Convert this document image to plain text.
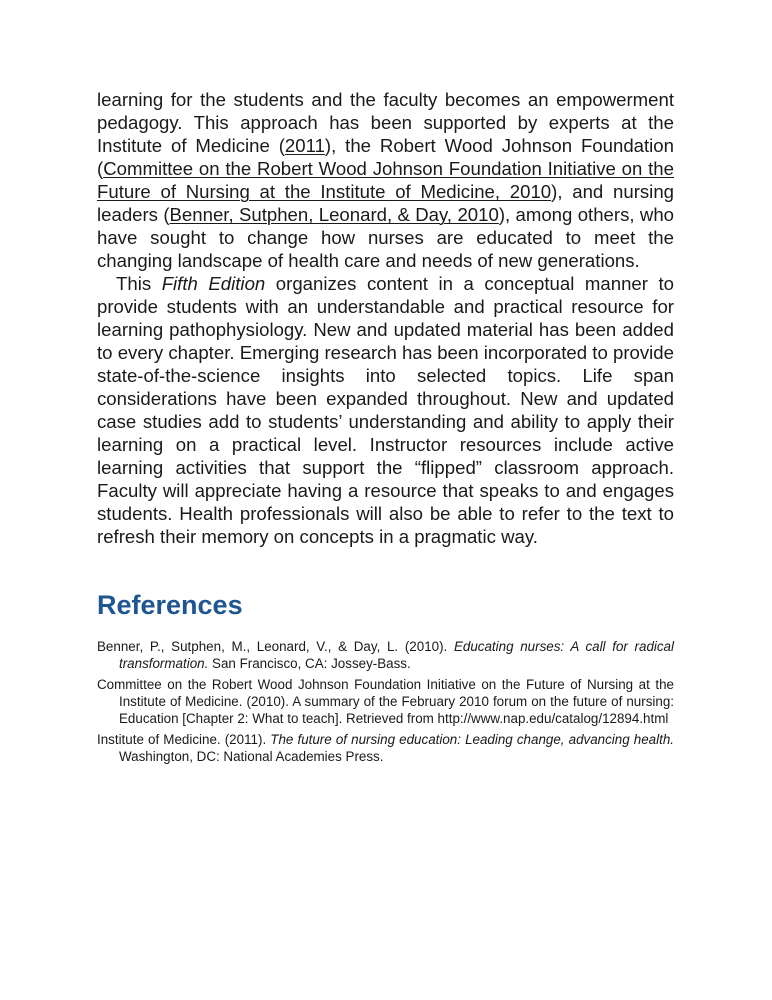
learning for the students and the faculty becomes an empowerment pedagogy. This approach has been supported by experts at the Institute of Medicine (2011), the Robert Wood Johnson Foundation (Committee on the Robert Wood Johnson Foundation Initiative on the Future of Nursing at the Institute of Medicine, 2010), and nursing leaders (Benner, Sutphen, Leonard, & Day, 2010), among others, who have sought to change how nurses are educated to meet the changing landscape of health care and needs of new generations.

This Fifth Edition organizes content in a conceptual manner to provide students with an understandable and practical resource for learning pathophysiology. New and updated material has been added to every chapter. Emerging research has been incorporated to provide state-of-the-science insights into selected topics. Life span considerations have been expanded throughout. New and updated case studies add to students’ understanding and ability to apply their learning on a practical level. Instructor resources include active learning activities that support the “flipped” classroom approach. Faculty will appreciate having a resource that speaks to and engages students. Health professionals will also be able to refer to the text to refresh their memory on concepts in a pragmatic way.

References

Benner, P., Sutphen, M., Leonard, V., & Day, L. (2010). Educating nurses: A call for radical transformation. San Francisco, CA: Jossey-Bass.

Committee on the Robert Wood Johnson Foundation Initiative on the Future of Nursing at the Institute of Medicine. (2010). A summary of the February 2010 forum on the future of nursing: Education [Chapter 2: What to teach]. Retrieved from http://www.nap.edu/catalog/12894.html

Institute of Medicine. (2011). The future of nursing education: Leading change, advancing health. Washington, DC: National Academies Press.
